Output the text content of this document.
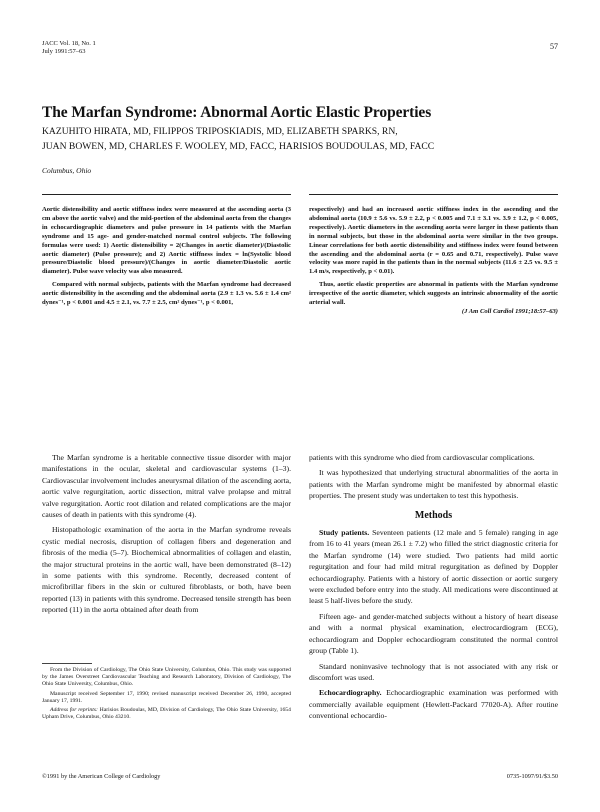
JACC Vol. 18, No. 1
July 1991:57–63
57
The Marfan Syndrome: Abnormal Aortic Elastic Properties
KAZUHITO HIRATA, MD, FILIPPOS TRIPOSKIADIS, MD, ELIZABETH SPARKS, RN,
JUAN BOWEN, MD, CHARLES F. WOOLEY, MD, FACC, HARISIOS BOUDOULAS, MD, FACC
Columbus, Ohio

Aortic distensibility and aortic stiffness index were measured at the ascending aorta (3 cm above the aortic valve) and the mid-portion of the abdominal aorta from the changes in echocardiographic diameters and pulse pressure in 14 patients with the Marfan syndrome and 15 age- and gender-matched normal control subjects. The following formulas were used: 1) Aortic distensibility = 2(Changes in aortic diameter)/(Diastolic aortic diameter) (Pulse pressure); and 2) Aortic stiffness index = ln(Systolic blood pressure/Diastolic blood pressure)/(Changes in aortic diameter/Diastolic aortic diameter). Pulse wave velocity was also measured.

Compared with normal subjects, patients with the Marfan syndrome had decreased aortic distensibility in the ascending and the abdominal aorta (2.9 ± 1.3 vs. 5.6 ± 1.4 cm² dynes⁻¹, p < 0.001 and 4.5 ± 2.1, vs. 7.7 ± 2.5, cm² dynes⁻¹, p < 0.001,

respectively) and had an increased aortic stiffness index in the ascending and the abdominal aorta (10.9 ± 5.6 vs. 5.9 ± 2.2, p < 0.005 and 7.1 ± 3.1 vs. 3.9 ± 1.2, p < 0.005, respectively). Aortic diameters in the ascending aorta were larger in these patients than in normal subjects, but those in the abdominal aorta were similar in the two groups. Linear correlations for both aortic distensibility and stiffness index were found between the ascending and the abdominal aorta (r = 0.65 and 0.71, respectively). Pulse wave velocity was more rapid in the patients than in the normal subjects (11.6 ± 2.5 vs. 9.5 ± 1.4 m/s, respectively, p < 0.01).

Thus, aortic elastic properties are abnormal in patients with the Marfan syndrome irrespective of the aortic diameter, which suggests an intrinsic abnormality of the aortic arterial wall.

(J Am Coll Cardiol 1991;18:57–63)

The Marfan syndrome is a heritable connective tissue disorder with major manifestations in the ocular, skeletal and cardiovascular systems (1–3). Cardiovascular involvement includes aneurysmal dilation of the ascending aorta, aortic valve regurgitation, aortic dissection, mitral valve prolapse and mitral valve regurgitation. Aortic root dilation and related complications are the major causes of death in patients with this syndrome (4).

Histopathologic examination of the aorta in the Marfan syndrome reveals cystic medial necrosis, disruption of collagen fibers and degeneration and fibrosis of the media (5–7). Biochemical abnormalities of collagen and elastin, the major structural proteins in the aortic wall, have been demonstrated (8–12) in some patients with this syndrome. Recently, decreased content of microfibrillar fibers in the skin or cultured fibroblasts, or both, have been reported (13) in patients with this syndrome. Decreased tensile strength has been reported (11) in the aorta obtained after death from

From the Division of Cardiology, The Ohio State University, Columbus, Ohio. This study was supported by the James Overstreet Cardiovascular Teaching and Research Laboratory, Division of Cardiology, The Ohio State University, Columbus, Ohio.

Manuscript received September 17, 1990; revised manuscript received December 26, 1990, accepted January 17, 1991.

Address for reprints: Harisios Boudoulas, MD, Division of Cardiology, The Ohio State University, 1654 Upham Drive, Columbus, Ohio 43210.

patients with this syndrome who died from cardiovascular complications.

It was hypothesized that underlying structural abnormalities of the aorta in patients with the Marfan syndrome might be manifested by abnormal elastic properties. The present study was undertaken to test this hypothesis.

Methods

Study patients. Seventeen patients (12 male and 5 female) ranging in age from 16 to 41 years (mean 26.1 ± 7.2) who filled the strict diagnostic criteria for the Marfan syndrome (14) were studied. Two patients had mild aortic regurgitation and four had mild mitral regurgitation as defined by Doppler echocardiography. Patients with a history of aortic dissection or aortic surgery were excluded before entry into the study. All medications were discontinued at least 5 half-lives before the study.

Fifteen age- and gender-matched subjects without a history of heart disease and with a normal physical examination, electrocardiogram (ECG), echocardiogram and Doppler echocardiogram constituted the normal control group (Table 1).

Standard noninvasive technology that is not associated with any risk or discomfort was used.

Echocardiography. Echocardiographic examination was performed with commercially available equipment (Hewlett-Packard 77020-A). After routine conventional echocardio-

©1991 by the American College of Cardiology	0735-1097/91/$3.50
